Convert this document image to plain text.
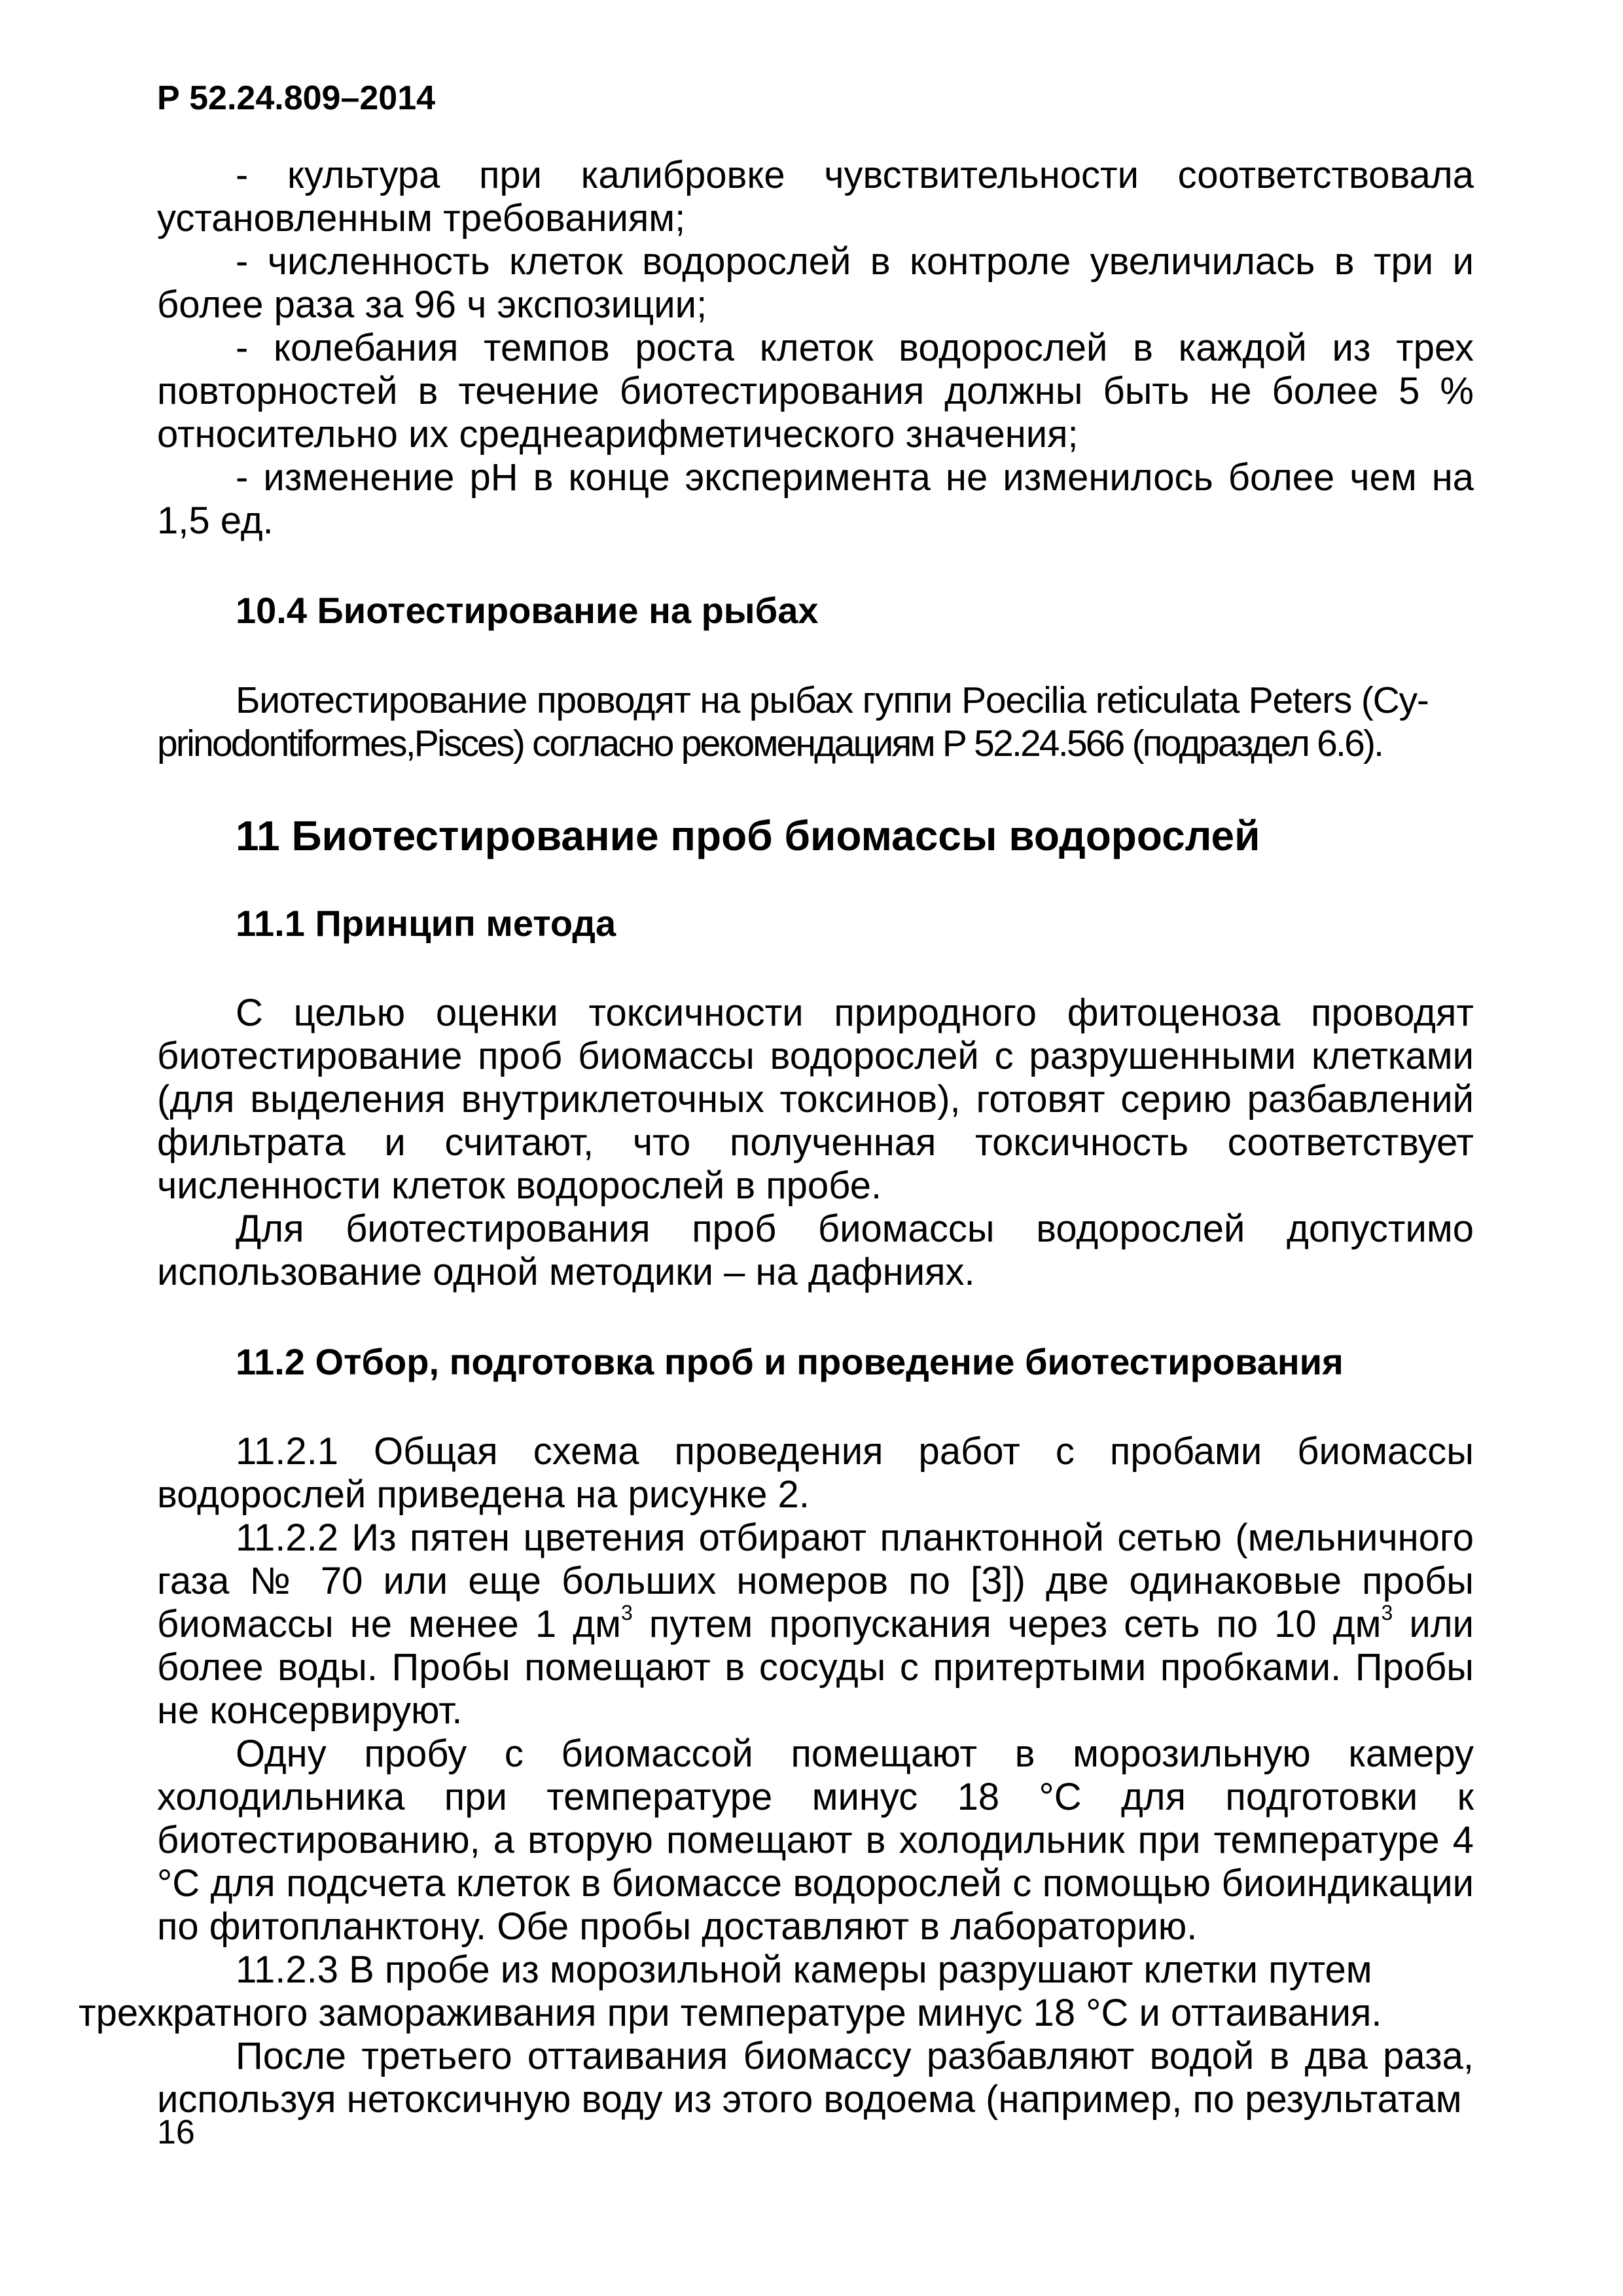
Р 52.24.809–2014

- культура при калибровке чувствительности соответствовала установленным требованиям;

- численность клеток водорослей в контроле увеличилась в три и более раза за 96 ч экспозиции;

- колебания темпов роста клеток водорослей в каждой из трех повторностей в течение биотестирования должны быть не более 5 % относительно их среднеарифметического значения;

- изменение pH в конце эксперимента не изменилось более чем на 1,5 ед.

10.4 Биотестирование на рыбах

Биотестирование проводят на рыбах гуппи Poecilia reticulata Peters (Cy-
prinodontiformes,Pisces) согласно рекомендациям Р 52.24.566 (подраздел 6.6).

11 Биотестирование проб биомассы водорослей
11.1 Принцип метода

С целью оценки токсичности природного фитоценоза проводят биотестирование проб биомассы водорослей с разрушенными клетками (для выделения внутриклеточных токсинов), готовят серию разбавлений фильтрата и считают, что полученная токсичность соответствует численности клеток водорослей в пробе.

Для биотестирования проб биомассы водорослей допустимо использование одной методики – на дафниях.

11.2 Отбор, подготовка проб и проведение биотестирования

11.2.1 Общая схема проведения работ с пробами биомассы водорослей приведена на рисунке 2.

11.2.2 Из пятен цветения отбирают планктонной сетью (мельничного газа № 70 или еще больших номеров по [3]) две одинаковые пробы биомассы не менее 1 $дм^3$ путем пропускания через сеть по 10 $дм^3$ или более воды. Пробы помещают в сосуды с притертыми пробками. Пробы не консервируют.

Одну пробу с биомассой помещают в морозильную камеру холодильника при температуре минус 18 °С для подготовки к биотестированию, а вторую помещают в холодильник при температуре 4 °С для подсчета клеток в биомассе водорослей с помощью биоиндикации по фитопланктону. Обе пробы доставляют в лабораторию.

11.2.3 В пробе из морозильной камеры разрушают клетки путем
трехкратного замораживания при температуре минус 18 °С и оттаивания.

После третьего оттаивания биомассу разбавляют водой в два раза, используя нетоксичную воду из этого водоема (например, по результатам

16
